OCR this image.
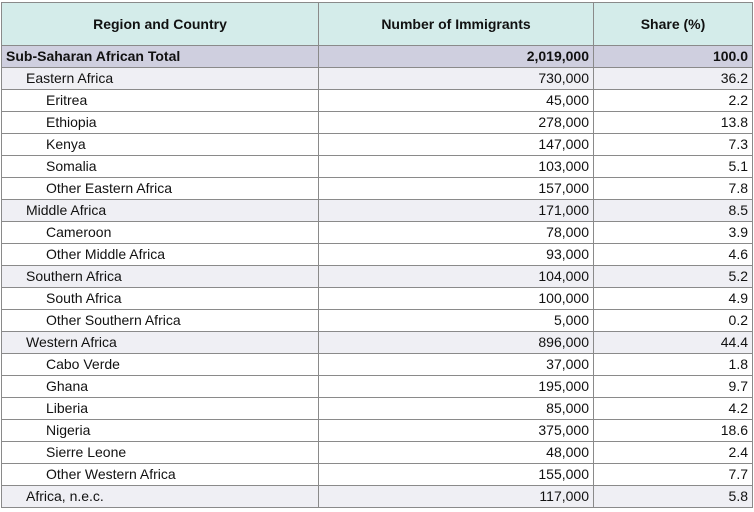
Region and Country	Number of Immigrants	Share (%)
Sub-Saharan African Total	2,019,000	100.0
Eastern Africa	730,000	36.2
Eritrea	45,000	2.2
Ethiopia	278,000	13.8
Kenya	147,000	7.3
Somalia	103,000	5.1
Other Eastern Africa	157,000	7.8
Middle Africa	171,000	8.5
Cameroon	78,000	3.9
Other Middle Africa	93,000	4.6
Southern Africa	104,000	5.2
South Africa	100,000	4.9
Other Southern Africa	5,000	0.2
Western Africa	896,000	44.4
Cabo Verde	37,000	1.8
Ghana	195,000	9.7
Liberia	85,000	4.2
Nigeria	375,000	18.6
Sierre Leone	48,000	2.4
Other Western Africa	155,000	7.7
Africa, n.e.c.	117,000	5.8
